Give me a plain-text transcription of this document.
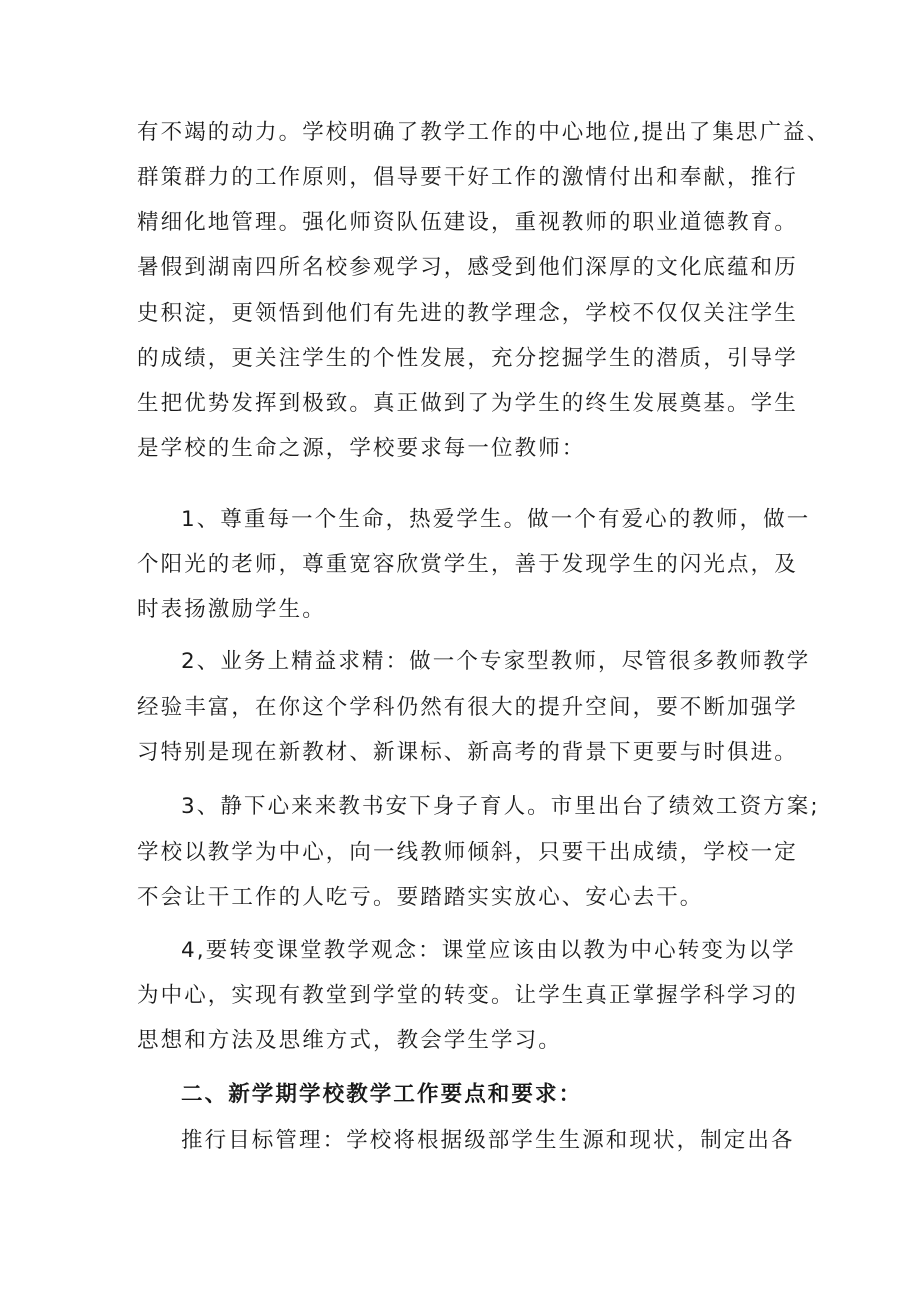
有不竭的动力。学校明确了教学工作的中心地位,提出了集思广益、
群策群力的工作原则，倡导要干好工作的激情付出和奉献，推行
精细化地管理。强化师资队伍建设，重视教师的职业道德教育。
暑假到湖南四所名校参观学习，感受到他们深厚的文化底蕴和历
史积淀，更领悟到他们有先进的教学理念，学校不仅仅关注学生
的成绩，更关注学生的个性发展，充分挖掘学生的潜质，引导学
生把优势发挥到极致。真正做到了为学生的终生发展奠基。学生
是学校的生命之源，学校要求每一位教师：
1、尊重每一个生命，热爱学生。做一个有爱心的教师，做一
个阳光的老师，尊重宽容欣赏学生，善于发现学生的闪光点，及
时表扬激励学生。
2、业务上精益求精：做一个专家型教师，尽管很多教师教学
经验丰富，在你这个学科仍然有很大的提升空间，要不断加强学
习特别是现在新教材、新课标、新高考的背景下更要与时俱进。
3、静下心来来教书安下身子育人。市里出台了绩效工资方案;
学校以教学为中心，向一线教师倾斜，只要干出成绩，学校一定
不会让干工作的人吃亏。要踏踏实实放心、安心去干。
4,要转变课堂教学观念：课堂应该由以教为中心转变为以学
为中心，实现有教堂到学堂的转变。让学生真正掌握学科学习的
思想和方法及思维方式，教会学生学习。
二、新学期学校教学工作要点和要求：
推行目标管理：学校将根据级部学生生源和现状，制定出各
